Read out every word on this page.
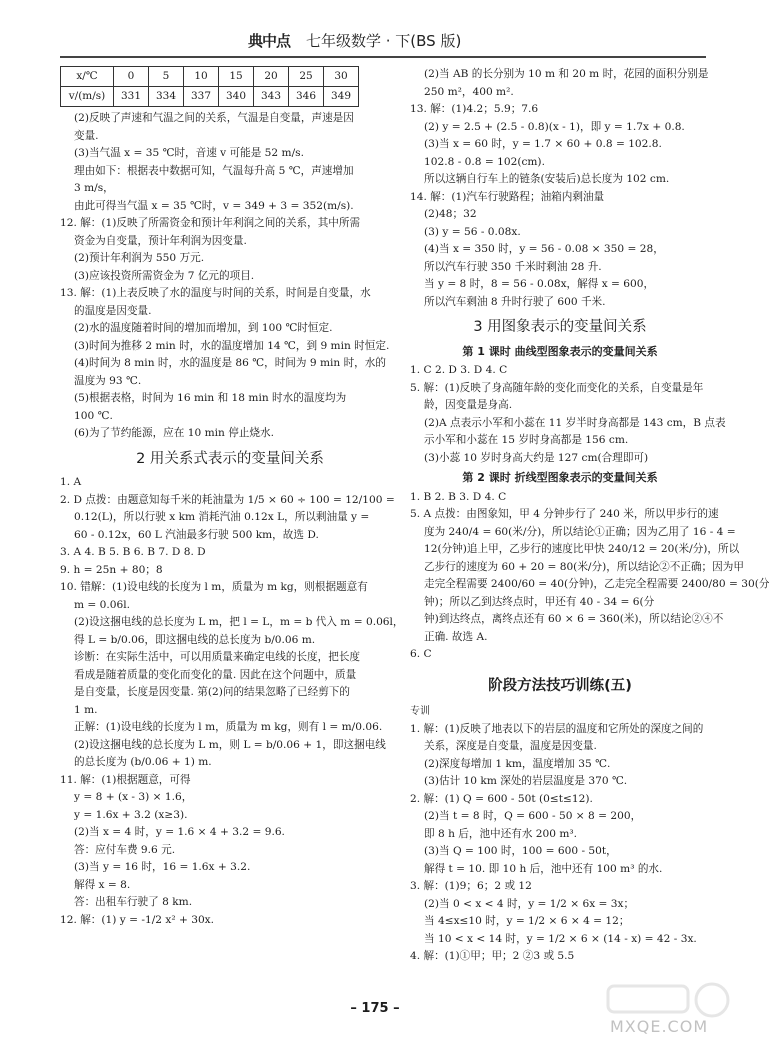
典中点 七年级数学 · 下(BS 版)
x/℃	0	5	10	15	20	25	30
v/(m/s)	331	334	337	340	343	346	349
(2)反映了声速和气温之间的关系，气温是自变量，声速是因
变量.
(3)当气温 x = 35 ℃时，音速 v 可能是 52 m/s.
理由如下：根据表中数据可知，气温每升高 5 ℃，声速增加
3 m/s，
由此可得当气温 x = 35 ℃时，v = 349 + 3 = 352(m/s).
12. 解：(1)反映了所需资金和预计年利润之间的关系，其中所需
资金为自变量，预计年利润为因变量.
(2)预计年利润为 550 万元.
(3)应该投资所需资金为 7 亿元的项目.
13. 解：(1)上表反映了水的温度与时间的关系，时间是自变量，水
的温度是因变量.
(2)水的温度随着时间的增加而增加，到 100 ℃时恒定.
(3)时间为推移 2 min 时，水的温度增加 14 ℃，到 9 min 时恒定.
(4)时间为 8 min 时，水的温度是 86 ℃，时间为 9 min 时，水的
温度为 93 ℃.
(5)根据表格，时间为 16 min 和 18 min 时水的温度均为
100 ℃.
(6)为了节约能源，应在 10 min 停止烧水.
2 用关系式表示的变量间关系
1. A
2. D 点拨：由题意知每千米的耗油量为 1/5 × 60 ÷ 100 = 12/100 =
0.12(L)，所以行驶 x km 消耗汽油 0.12x L，所以剩油量 y =
60 - 0.12x，60 L 汽油最多行驶 500 km，故选 D.
3. A 4. B 5. B 6. B 7. D 8. D
9. h = 25n + 80；8
10. 错解：(1)设电线的长度为 l m，质量为 m kg，则根据题意有
m = 0.06l.
(2)设这捆电线的总长度为 L m，把 l = L，m = b 代入 m = 0.06l，
得 L = b/0.06，即这捆电线的总长度为 b/0.06 m.
诊断：在实际生活中，可以用质量来确定电线的长度，把长度
看成是随着质量的变化而变化的量. 因此在这个问题中，质量
是自变量，长度是因变量. 第(2)问的结果忽略了已经剪下的
1 m.
正解：(1)设电线的长度为 l m，质量为 m kg，则有 l = m/0.06.
(2)设这捆电线的总长度为 L m，则 L = b/0.06 + 1，即这捆电线
的总长度为 (b/0.06 + 1) m.
11. 解：(1)根据题意，可得
y = 8 + (x - 3) × 1.6，
y = 1.6x + 3.2 (x≥3).
(2)当 x = 4 时，y = 1.6 × 4 + 3.2 = 9.6.
答：应付车费 9.6 元.
(3)当 y = 16 时，16 = 1.6x + 3.2.
解得 x = 8.
答：出租车行驶了 8 km.
12. 解：(1) y = -1/2 x² + 30x.
(2)当 AB 的长分别为 10 m 和 20 m 时，花园的面积分别是
250 m²，400 m².
13. 解：(1)4.2；5.9；7.6
(2) y = 2.5 + (2.5 - 0.8)(x - 1)，即 y = 1.7x + 0.8.
(3)当 x = 60 时，y = 1.7 × 60 + 0.8 = 102.8.
102.8 - 0.8 = 102(cm).
所以这辆自行车上的链条(安装后)总长度为 102 cm.
14. 解：(1)汽车行驶路程；油箱内剩油量
(2)48；32
(3) y = 56 - 0.08x.
(4)当 x = 350 时，y = 56 - 0.08 × 350 = 28，
所以汽车行驶 350 千米时剩油 28 升.
当 y = 8 时，8 = 56 - 0.08x，解得 x = 600，
所以汽车剩油 8 升时行驶了 600 千米.
3 用图象表示的变量间关系
第 1 课时 曲线型图象表示的变量间关系
1. C 2. D 3. D 4. C
5. 解：(1)反映了身高随年龄的变化而变化的关系，自变量是年
龄，因变量是身高.
(2)A 点表示小军和小蕊在 11 岁半时身高都是 143 cm，B 点表
示小军和小蕊在 15 岁时身高都是 156 cm.
(3)小蕊 10 岁时身高大约是 127 cm(合理即可)
第 2 课时 折线型图象表示的变量间关系
1. B 2. B 3. D 4. C
5. A 点拨：由图象知，甲 4 分钟步行了 240 米，所以甲步行的速
度为 240/4 = 60(米/分)，所以结论①正确；因为乙用了 16 - 4 =
12(分钟)追上甲，乙步行的速度比甲快 240/12 = 20(米/分)，所以
乙步行的速度为 60 + 20 = 80(米/分)，所以结论②不正确；因为甲
走完全程需要 2400/60 = 40(分钟)，乙走完全程需要 2400/80 = 30(分
钟)；所以乙到达终点时，甲还有 40 - 34 = 6(分
钟)到达终点，离终点还有 60 × 6 = 360(米)，所以结论②④不
正确. 故选 A.
6. C
阶段方法技巧训练(五)
专训
1. 解：(1)反映了地表以下的岩层的温度和它所处的深度之间的
关系，深度是自变量，温度是因变量.
(2)深度每增加 1 km，温度增加 35 ℃.
(3)估计 10 km 深处的岩层温度是 370 ℃.
2. 解：(1) Q = 600 - 50t (0≤t≤12).
(2)当 t = 8 时，Q = 600 - 50 × 8 = 200，
即 8 h 后，池中还有水 200 m³.
(3)当 Q = 100 时，100 = 600 - 50t，
解得 t = 10. 即 10 h 后，池中还有 100 m³ 的水.
3. 解：(1)9；6；2 或 12
(2)当 0 < x < 4 时，y = 1/2 × 6x = 3x；
当 4≤x≤10 时，y = 1/2 × 6 × 4 = 12；
当 10 < x < 14 时，y = 1/2 × 6 × (14 - x) = 42 - 3x.
4. 解：(1)①甲；甲；2 ②3 或 5.5
– 175 –
MXQE.COM
